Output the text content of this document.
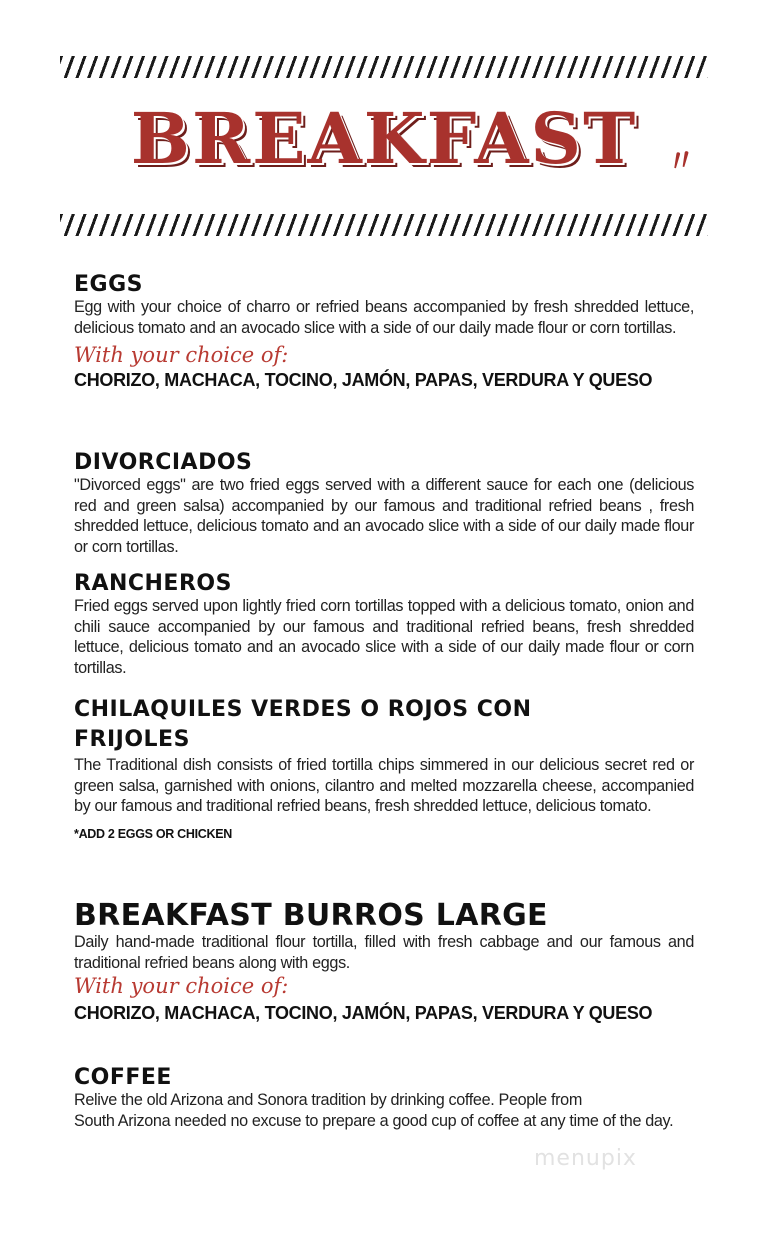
BREAKFAST 〃
EGGS
Egg with your choice of charro or refried beans accompanied by fresh shredded lettuce, delicious tomato and an avocado slice with a side of our daily made flour or corn tortillas.
With your choice of:
CHORIZO, MACHACA, TOCINO, JAMÓN, PAPAS, VERDURA Y QUESO
DIVORCIADOS
"Divorced eggs" are two fried eggs served with a different sauce for each one (delicious red and green salsa) accompanied by our famous and traditional refried beans , fresh shredded lettuce, delicious tomato and an avocado slice with a side of our daily made flour or corn tortillas.
RANCHEROS
Fried eggs served upon lightly fried corn tortillas topped with a delicious tomato, onion and chili sauce accompanied by our famous and traditional refried beans, fresh shredded lettuce, delicious tomato and an avocado slice with a side of our daily made flour or corn tortillas.
CHILAQUILES VERDES O ROJOS CON FRIJOLES
The Traditional dish consists of fried tortilla chips simmered in our delicious secret red or green salsa, garnished with onions, cilantro and melted mozzarella cheese, accompanied by our famous and traditional refried beans, fresh shredded lettuce, delicious tomato.
*ADD 2 EGGS OR CHICKEN
BREAKFAST BURROS LARGE
Daily hand-made traditional flour tortilla, filled with fresh cabbage and our famous and traditional refried beans along with eggs.
With your choice of:
CHORIZO, MACHACA, TOCINO, JAMÓN, PAPAS, VERDURA Y QUESO
COFFEE
Relive the old Arizona and Sonora tradition by drinking coffee. People from
South Arizona needed no excuse to prepare a good cup of coffee at any time of the day.
menupix
